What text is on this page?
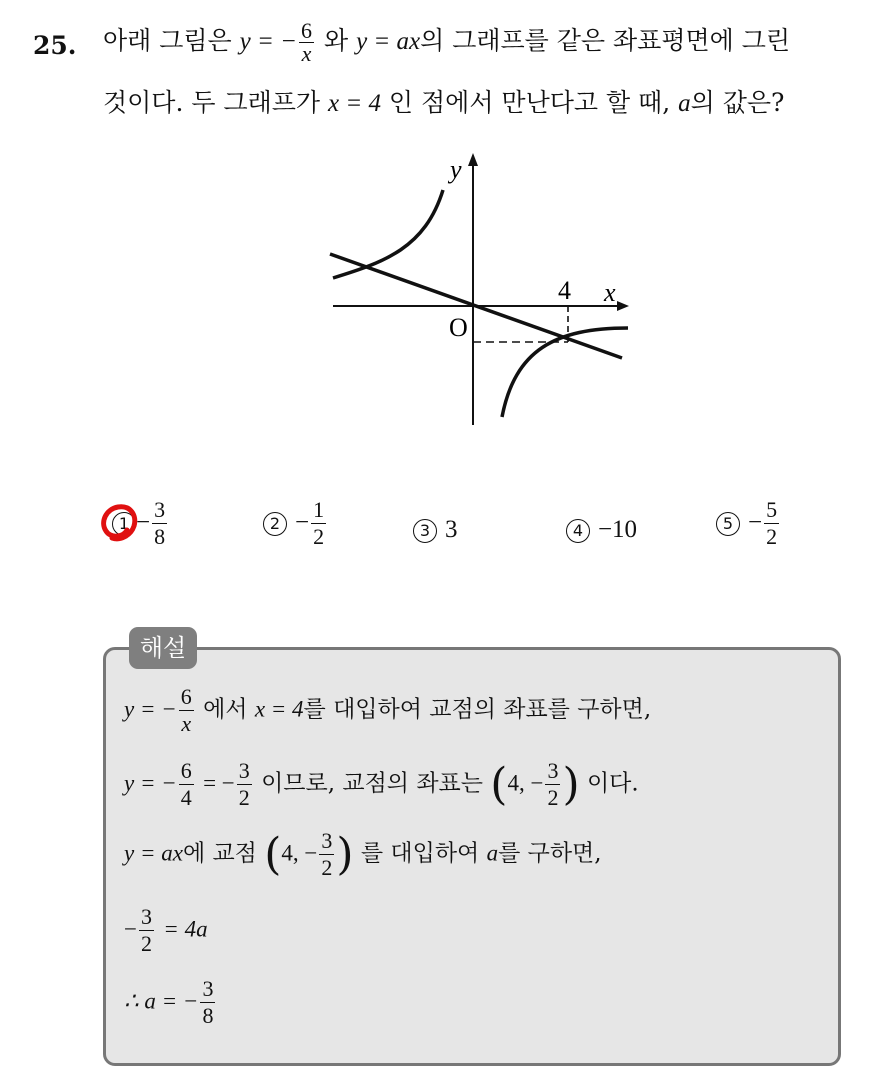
25. 아래 그림은 y = − $\frac{6}{x}$ 와 y = ax의 그래프를 같은 좌표평면에 그린
것이다. 두 그래프가 x = 4 인 점에서 만난다고 할 때, a의 값은?
y
x
O
4
$1 - \frac{3}{8}$	$2 - \frac{1}{2}$	3 3	4 −10	$5 - \frac{5}{2}$
해설
y = − $\frac{6}{x}$ 에서 x = 4를 대입하여 교점의 좌표를 구하면,
y = − $\frac{6}{4}$ = − $\frac{3}{2}$ 이므로, 교점의 좌표는 (4, − $\frac{3}{2}$ ) 이다.
y = ax에 교점 (4, − $\frac{3}{2}$ ) 를 대입하여 a를 구하면,
− $\frac{3}{2} = 4a$
∴ a = − $\frac{3}{8}$
